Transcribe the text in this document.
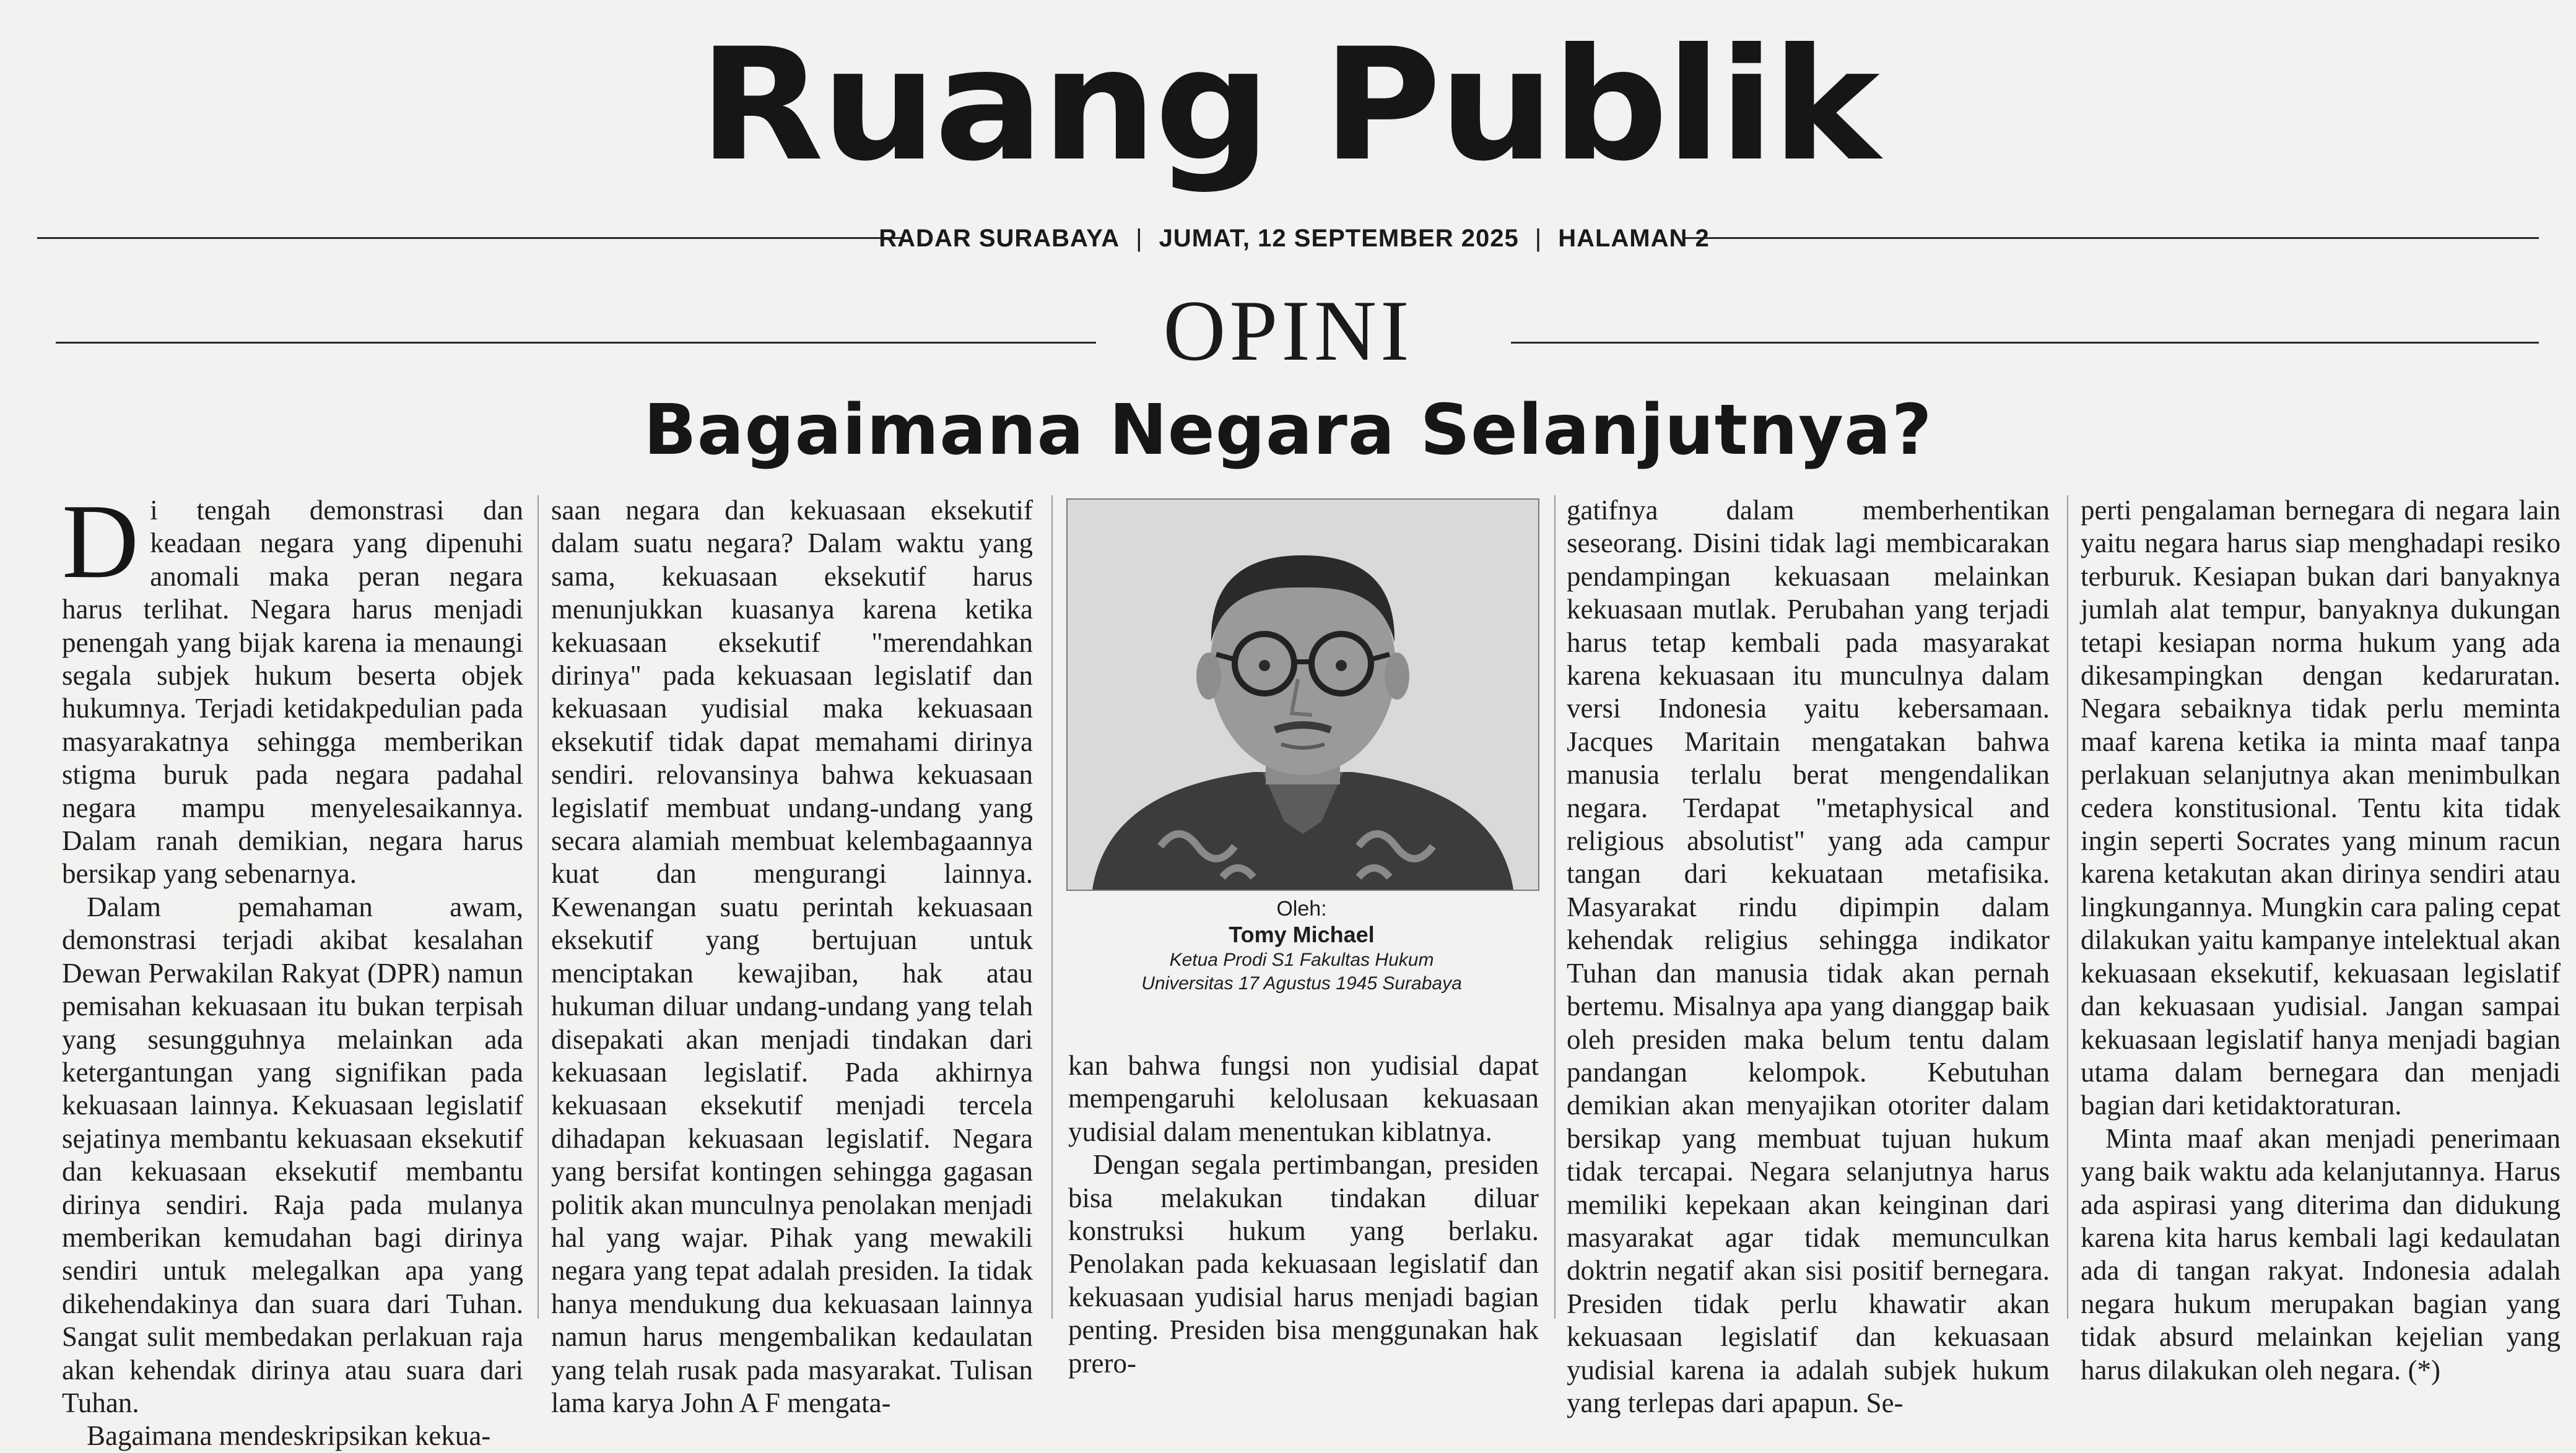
Ruang Publik
RADAR SURABAYA | JUMAT, 12 SEPTEMBER 2025 | HALAMAN 2
OPINI
Bagaimana Negara Selanjutnya?

Di tengah demonstrasi dan keadaan negara yang dipenuhi anomali maka peran negara harus terlihat. Negara harus menjadi penengah yang bijak karena ia menaungi segala subjek hukum beserta objek hukumnya. Terjadi ketidakpedulian pada masyarakatnya sehingga memberikan stigma buruk pada negara padahal negara mampu menyelesaikannya. Dalam ranah demikian, negara harus bersikap yang sebenarnya.

Dalam pemahaman awam, demonstrasi terjadi akibat kesalahan Dewan Perwakilan Rakyat (DPR) namun pemisahan kekuasaan itu bukan terpisah yang sesungguhnya melainkan ada ketergantungan yang signifikan pada kekuasaan lainnya. Kekuasaan legislatif sejatinya membantu kekuasaan eksekutif dan kekuasaan eksekutif membantu dirinya sendiri. Raja pada mulanya memberikan kemudahan bagi dirinya sendiri untuk melegalkan apa yang dikehendakinya dan suara dari Tuhan. Sangat sulit membedakan perlakuan raja akan kehendak dirinya atau suara dari Tuhan.

Bagaimana mendeskripsikan kekua-

saan negara dan kekuasaan eksekutif dalam suatu negara? Dalam waktu yang sama, kekuasaan eksekutif harus menunjukkan kuasanya karena ketika kekuasaan eksekutif "merendahkan dirinya" pada kekuasaan legislatif dan kekuasaan yudisial maka kekuasaan eksekutif tidak dapat memahami dirinya sendiri. relovansinya bahwa kekuasaan legislatif membuat undang-undang yang secara alamiah membuat kelembagaannya kuat dan mengurangi lainnya. Kewenangan suatu perintah kekuasaan eksekutif yang bertujuan untuk menciptakan kewajiban, hak atau hukuman diluar undang-undang yang telah disepakati akan menjadi tindakan dari kekuasaan legislatif. Pada akhirnya kekuasaan eksekutif menjadi tercela dihadapan kekuasaan legislatif. Negara yang bersifat kontingen sehingga gagasan politik akan munculnya penolakan menjadi hal yang wajar. Pihak yang mewakili negara yang tepat adalah presiden. Ia tidak hanya mendukung dua kekuasaan lainnya namun harus mengembalikan kedaulatan yang telah rusak pada masyarakat. Tulisan lama karya John A F mengata-

Oleh:
Tomy Michael
Ketua Prodi S1 Fakultas Hukum
Universitas 17 Agustus 1945 Surabaya

kan bahwa fungsi non yudisial dapat mempengaruhi kelolusaan kekuasaan yudisial dalam menentukan kiblatnya.

Dengan segala pertimbangan, presiden bisa melakukan tindakan diluar konstruksi hukum yang berlaku. Penolakan pada kekuasaan legislatif dan kekuasaan yudisial harus menjadi bagian penting. Presiden bisa menggunakan hak prero-

gatifnya dalam memberhentikan seseorang. Disini tidak lagi membicarakan pendampingan kekuasaan melainkan kekuasaan mutlak. Perubahan yang terjadi harus tetap kembali pada masyarakat karena kekuasaan itu munculnya dalam versi Indonesia yaitu kebersamaan. Jacques Maritain mengatakan bahwa manusia terlalu berat mengendalikan negara. Terdapat "metaphysical and religious absolutist" yang ada campur tangan dari kekuataan metafisika. Masyarakat rindu dipimpin dalam kehendak religius sehingga indikator Tuhan dan manusia tidak akan pernah bertemu. Misalnya apa yang dianggap baik oleh presiden maka belum tentu dalam pandangan kelompok. Kebutuhan demikian akan menyajikan otoriter dalam bersikap yang membuat tujuan hukum tidak tercapai. Negara selanjutnya harus memiliki kepekaan akan keinginan dari masyarakat agar tidak memunculkan doktrin negatif akan sisi positif bernegara. Presiden tidak perlu khawatir akan kekuasaan legislatif dan kekuasaan yudisial karena ia adalah subjek hukum yang terlepas dari apapun. Se-

perti pengalaman bernegara di negara lain yaitu negara harus siap menghadapi resiko terburuk. Kesiapan bukan dari banyaknya jumlah alat tempur, banyaknya dukungan tetapi kesiapan norma hukum yang ada dikesampingkan dengan kedaruratan. Negara sebaiknya tidak perlu meminta maaf karena ketika ia minta maaf tanpa perlakuan selanjutnya akan menimbulkan cedera konstitusional. Tentu kita tidak ingin seperti Socrates yang minum racun karena ketakutan akan dirinya sendiri atau lingkungannya. Mungkin cara paling cepat dilakukan yaitu kampanye intelektual akan kekuasaan eksekutif, kekuasaan legislatif dan kekuasaan yudisial. Jangan sampai kekuasaan legislatif hanya menjadi bagian utama dalam bernegara dan menjadi bagian dari ketidaktoraturan.

Minta maaf akan menjadi penerimaan yang baik waktu ada kelanjutannya. Harus ada aspirasi yang diterima dan didukung karena kita harus kembali lagi kedaulatan ada di tangan rakyat. Indonesia adalah negara hukum merupakan bagian yang tidak absurd melainkan kejelian yang harus dilakukan oleh negara. (*)
